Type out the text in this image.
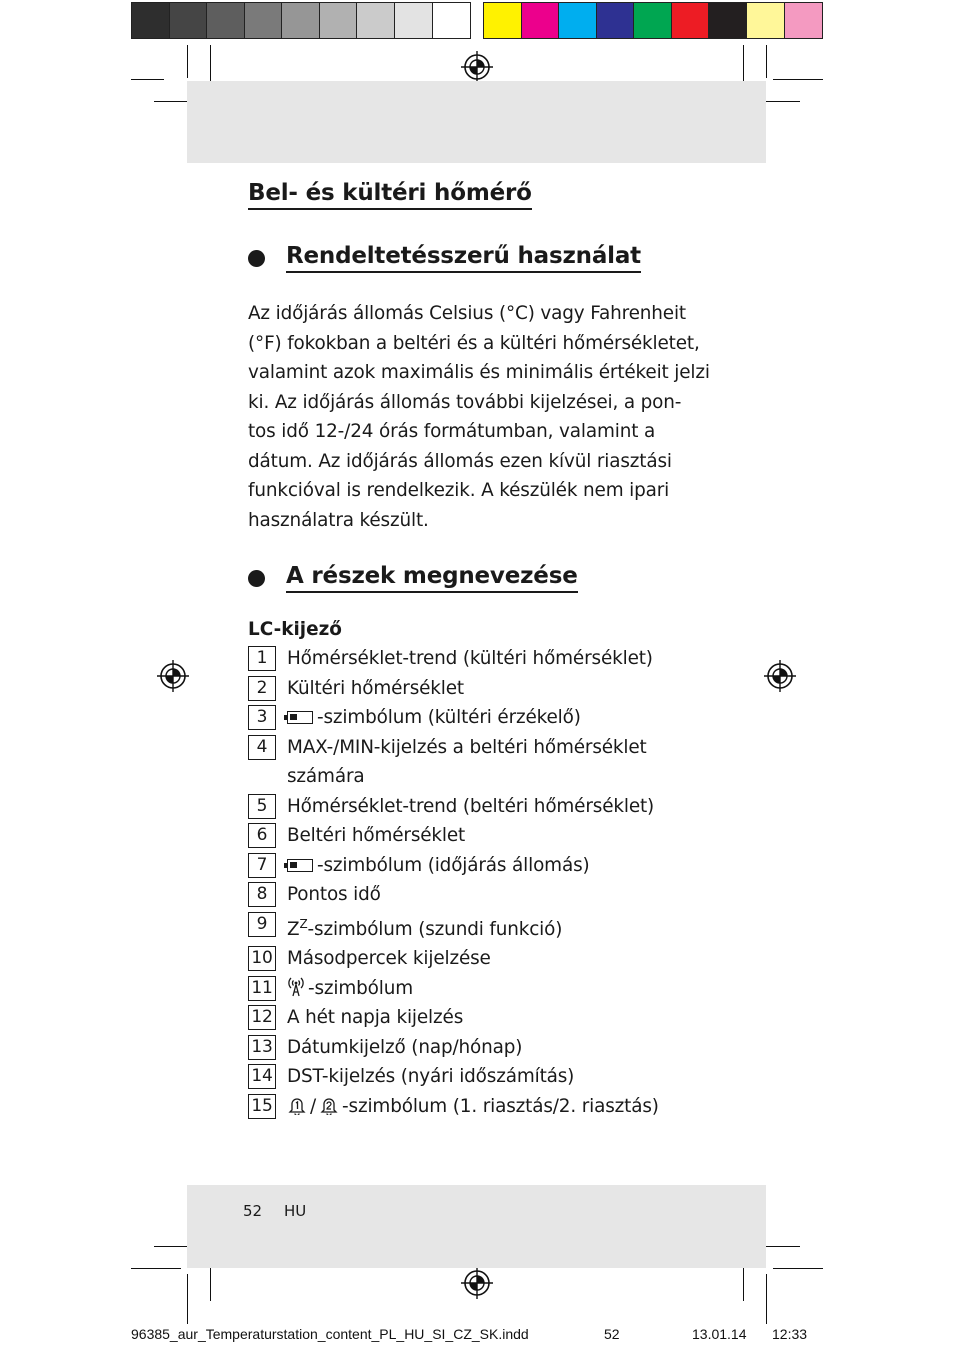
Bel- és kültéri hőmérő
Rendeltetésszerű használat
Az időjárás állomás Celsius (°C) vagy Fahrenheit
(°F) fokokban a beltéri és a kültéri hőmérsékletet,
valamint azok maximális és minimális értékeit jelzi
ki. Az időjárás állomás további kijelzései, a pon-
tos idő 12-/24 órás formátumban, valamint a
dátum. Az időjárás állomás ezen kívül riasztási
funkcióval is rendelkezik. A készülék nem ipari
használatra készült.
A részek megnevezése
LC-kijező
1	Hőmérséklet-trend (kültéri hőmérséklet)
2	Kültéri hőmérséklet
3	-szimbólum (kültéri érzékelő)
4	MAX-/MIN-kijelzés a beltéri hőmérséklet
számára
5	Hőmérséklet-trend (beltéri hőmérséklet)
6	Beltéri hőmérséklet
7	-szimbólum (időjárás állomás)
8	Pontos idő
9	$Z^Z$-szimbólum (szundi funkció)
10 Másodpercek kijelzése
11	-szimbólum
12 A hét napja kijelzés
13 Dátumkijelző (nap/hónap)
14 DST-kijelzés (nyári időszámítás)
15	/ -szimbólum (1. riasztás/2. riasztás)
52 HU
96385_aur_Temperaturstation_content_PL_HU_SI_CZ_SK.indd	52	13.01.14 12:33
